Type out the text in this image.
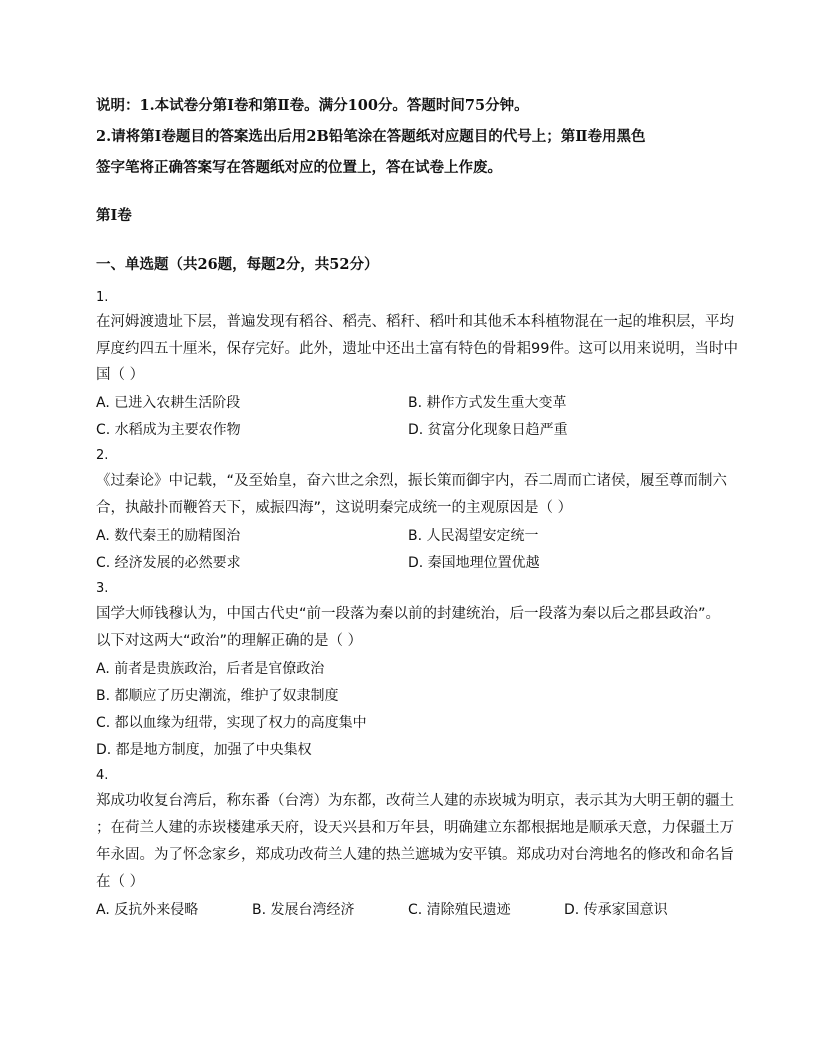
说明：1.本试卷分第Ⅰ卷和第Ⅱ卷。满分100分。答题时间75分钟。
2.请将第Ⅰ卷题目的答案选出后用2B铅笔涂在答题纸对应题目的代号上；第Ⅱ卷用黑色
签字笔将正确答案写在答题纸对应的位置上，答在试卷上作废。
第Ⅰ卷
一、单选题（共26题，每题2分，共52分）
1.
在河姆渡遗址下层，普遍发现有稻谷、稻壳、稻秆、稻叶和其他禾本科植物混在一起的堆积层，平均
厚度约四五十厘米，保存完好。此外，遗址中还出土富有特色的骨耜99件。这可以用来说明，当时中
国（ ）
A. 已进入农耕生活阶段	B. 耕作方式发生重大变革
C. 水稻成为主要农作物	D. 贫富分化现象日趋严重
2.
《过秦论》中记载，“及至始皇，奋六世之余烈，振长策而御宇内，吞二周而亡诸侯，履至尊而制六
合，执敲扑而鞭笞天下，威振四海”，这说明秦完成统一的主观原因是（ ）
A. 数代秦王的励精图治	B. 人民渴望安定统一
C. 经济发展的必然要求	D. 秦国地理位置优越
3.
国学大师钱穆认为，中国古代史“前一段落为秦以前的封建统治，后一段落为秦以后之郡县政治”。
以下对这两大“政治”的理解正确的是（ ）
A. 前者是贵族政治，后者是官僚政治
B. 都顺应了历史潮流，维护了奴隶制度
C. 都以血缘为纽带，实现了权力的高度集中
D. 都是地方制度，加强了中央集权
4.
郑成功收复台湾后，称东番（台湾）为东都，改荷兰人建的赤崁城为明京，表示其为大明王朝的疆土
；在荷兰人建的赤崁楼建承天府，设天兴县和万年县，明确建立东都根据地是顺承天意，力保疆土万
年永固。为了怀念家乡，郑成功改荷兰人建的热兰遮城为安平镇。郑成功对台湾地名的修改和命名旨
在（ ）
A. 反抗外来侵略	B. 发展台湾经济	C. 清除殖民遗迹	D. 传承家国意识
